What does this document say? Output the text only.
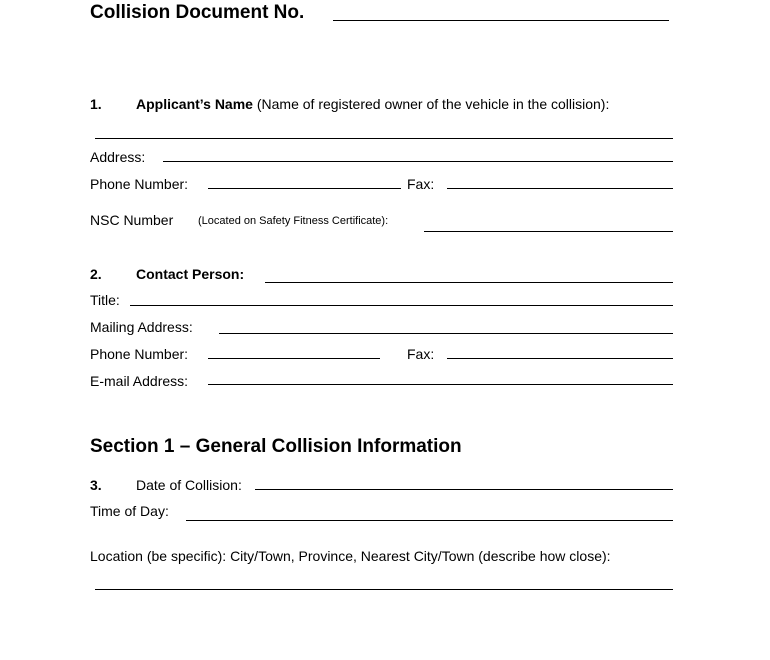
Collision Document No.
1. Applicant’s Name (Name of registered owner of the vehicle in the collision):
Address:
Phone Number:	Fax:
NSC Number (Located on Safety Fitness Certificate):
2. Contact Person:
Title:
Mailing Address:
Phone Number:	Fax:
E-mail Address:
Section 1 – General Collision Information
3. Date of Collision:
Time of Day:
Location (be specific): City/Town, Province, Nearest City/Town (describe how close):
